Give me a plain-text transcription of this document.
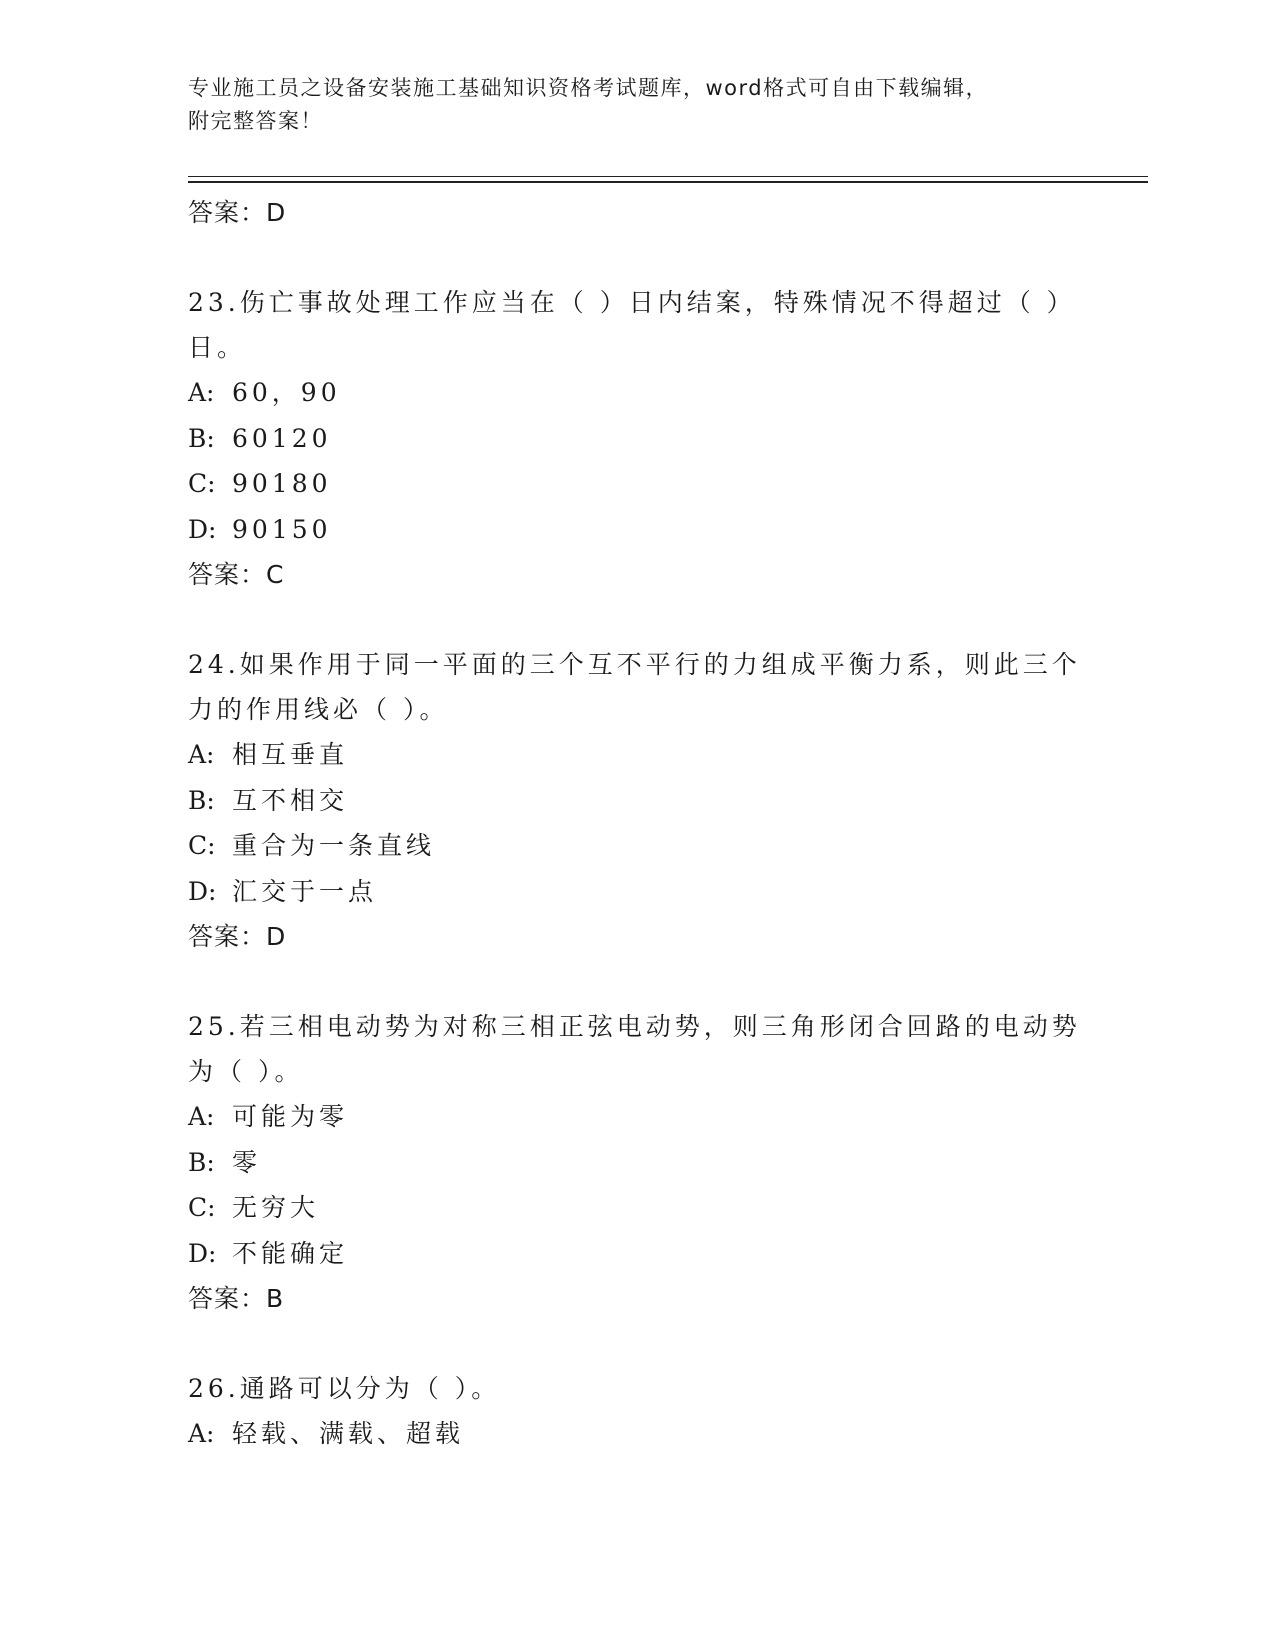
专业施工员之设备安装施工基础知识资格考试题库，word格式可自由下载编辑，
附完整答案！
答案：D
23.伤亡事故处理工作应当在（ ）日内结案，特殊情况不得超过（ ）
日。
A: 60，90
B: 60120
C: 90180
D: 90150
答案：C
24.如果作用于同一平面的三个互不平行的力组成平衡力系，则此三个
力的作用线必（ ）。
A: 相互垂直
B: 互不相交
C: 重合为一条直线
D: 汇交于一点
答案：D
25.若三相电动势为对称三相正弦电动势，则三角形闭合回路的电动势
为（ ）。
A: 可能为零
B: 零
C: 无穷大
D: 不能确定
答案：B
26.通路可以分为（ ）。
A: 轻载、满载、超载
